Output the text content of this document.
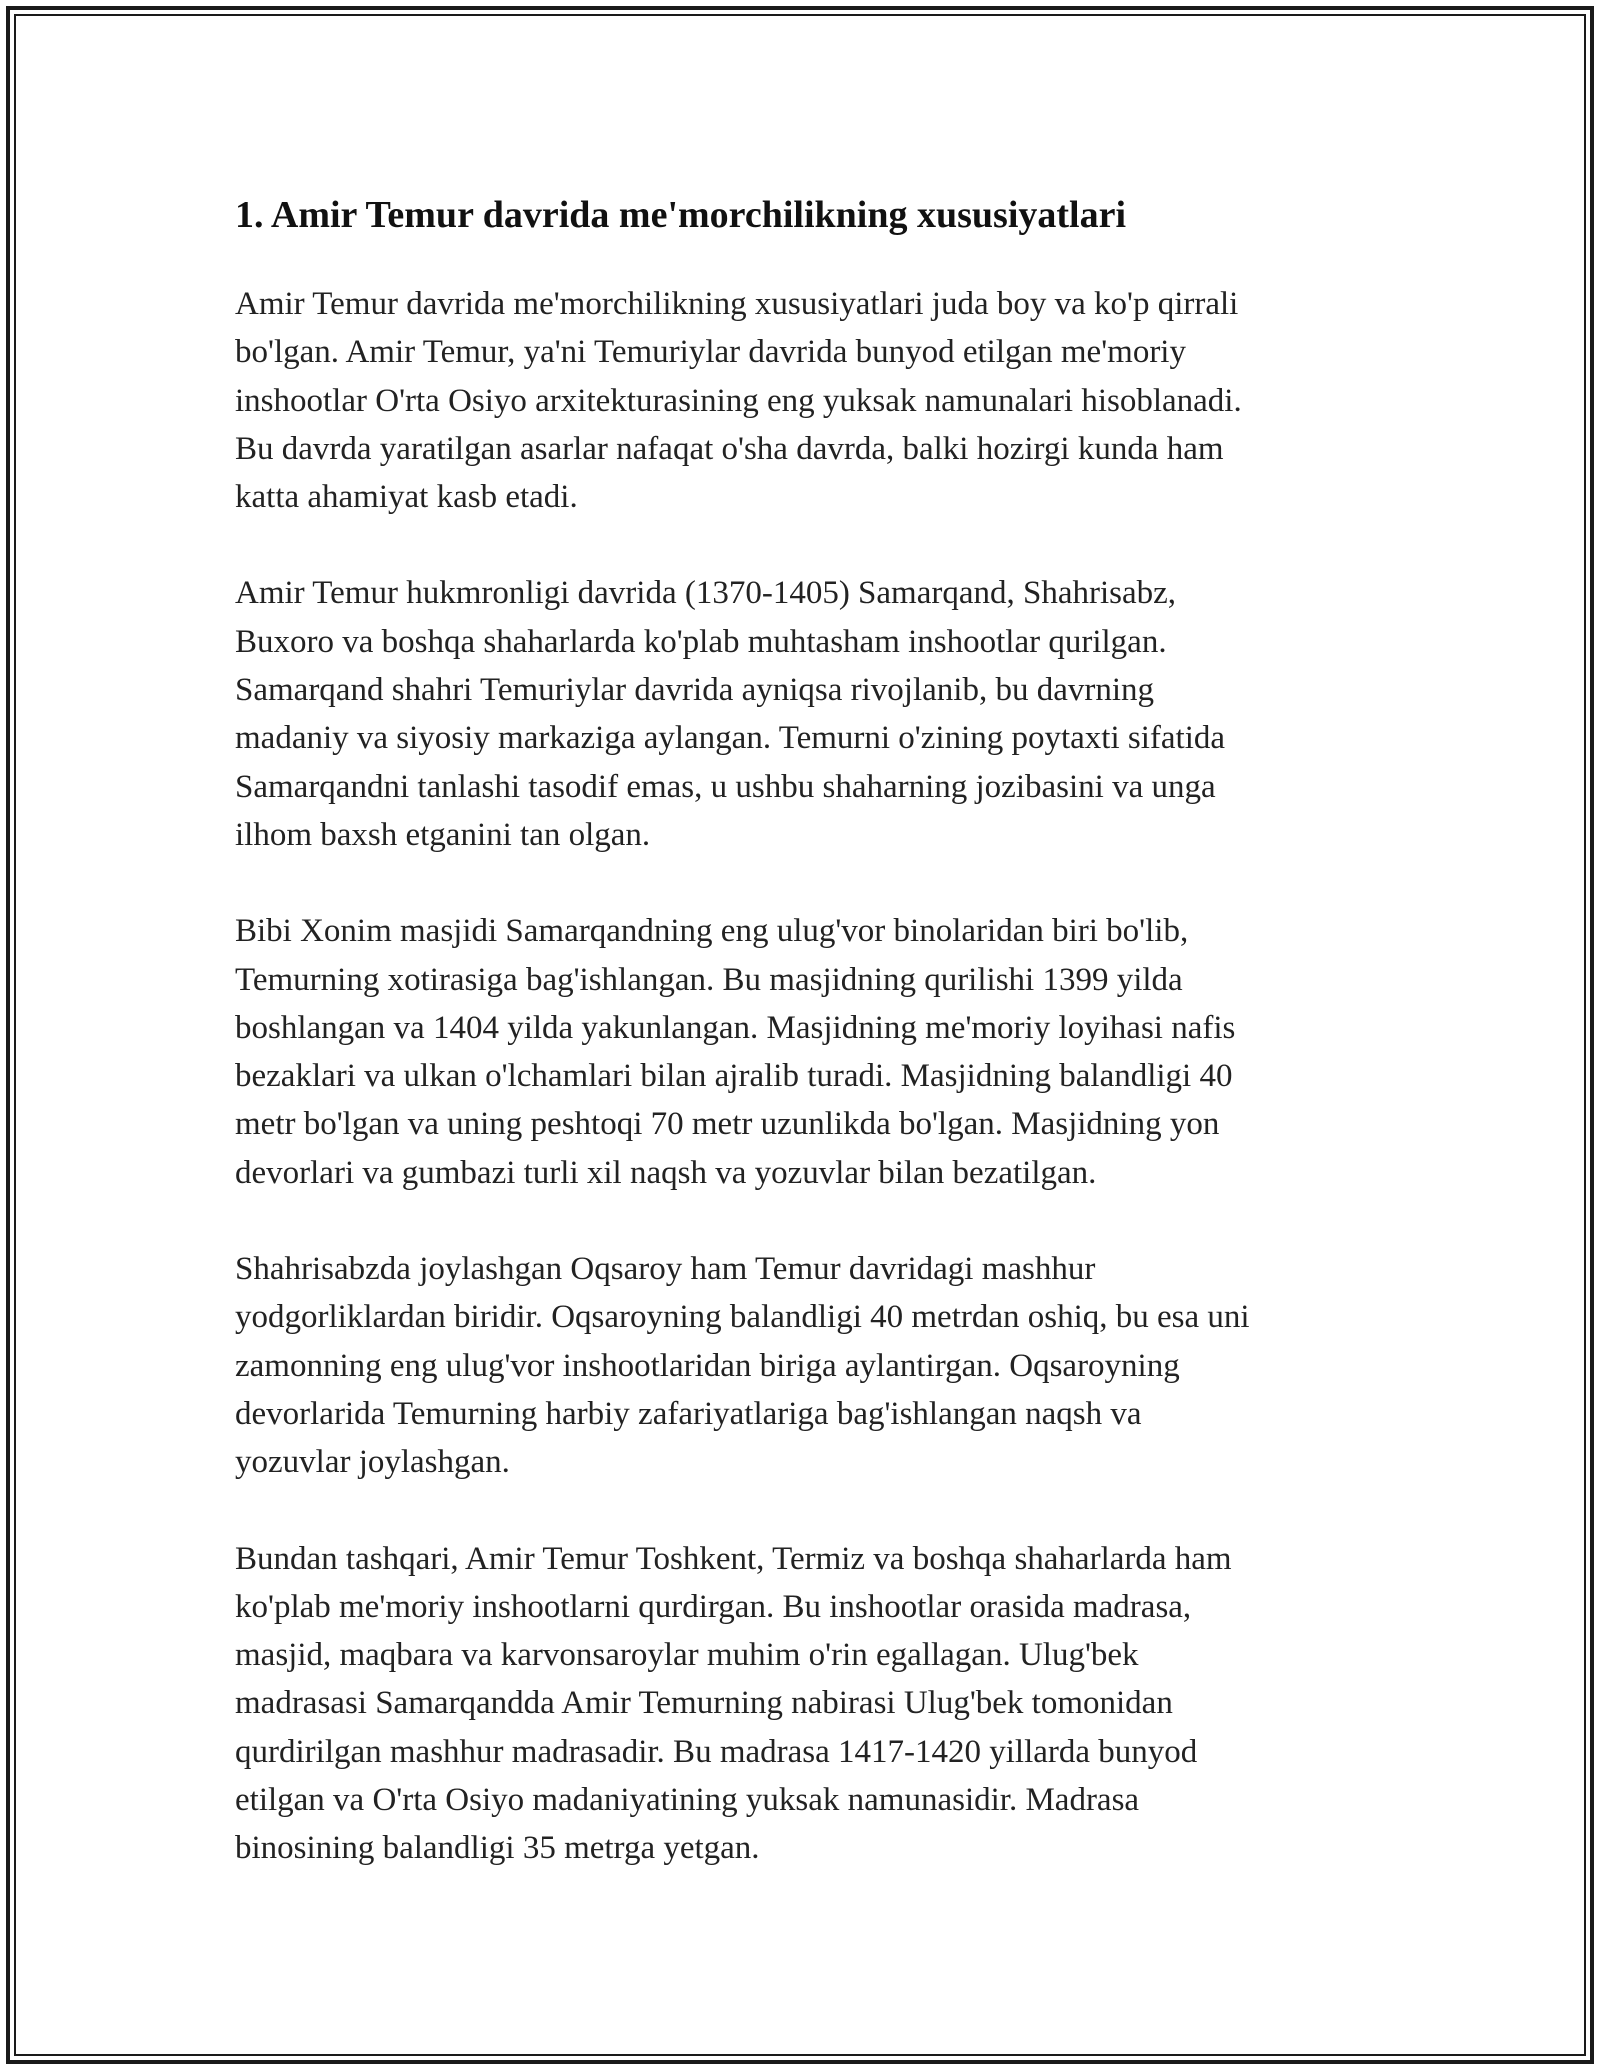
1. Amir Temur davrida me'morchilikning xususiyatlari

Amir Temur davrida me'morchilikning xususiyatlari juda boy va ko'p qirrali
bo'lgan. Amir Temur, ya'ni Temuriylar davrida bunyod etilgan me'moriy
inshootlar O'rta Osiyo arxitekturasining eng yuksak namunalari hisoblanadi.
Bu davrda yaratilgan asarlar nafaqat o'sha davrda, balki hozirgi kunda ham
katta ahamiyat kasb etadi.

Amir Temur hukmronligi davrida (1370-1405) Samarqand, Shahrisabz,
Buxoro va boshqa shaharlarda ko'plab muhtasham inshootlar qurilgan.
Samarqand shahri Temuriylar davrida ayniqsa rivojlanib, bu davrning
madaniy va siyosiy markaziga aylangan. Temurni o'zining poytaxti sifatida
Samarqandni tanlashi tasodif emas, u ushbu shaharning jozibasini va unga
ilhom baxsh etganini tan olgan.

Bibi Xonim masjidi Samarqandning eng ulug'vor binolaridan biri bo'lib,
Temurning xotirasiga bag'ishlangan. Bu masjidning qurilishi 1399 yilda
boshlangan va 1404 yilda yakunlangan. Masjidning me'moriy loyihasi nafis
bezaklari va ulkan o'lchamlari bilan ajralib turadi. Masjidning balandligi 40
metr bo'lgan va uning peshtoqi 70 metr uzunlikda bo'lgan. Masjidning yon
devorlari va gumbazi turli xil naqsh va yozuvlar bilan bezatilgan.

Shahrisabzda joylashgan Oqsaroy ham Temur davridagi mashhur
yodgorliklardan biridir. Oqsaroyning balandligi 40 metrdan oshiq, bu esa uni
zamonning eng ulug'vor inshootlaridan biriga aylantirgan. Oqsaroyning
devorlarida Temurning harbiy zafariyatlariga bag'ishlangan naqsh va
yozuvlar joylashgan.

Bundan tashqari, Amir Temur Toshkent, Termiz va boshqa shaharlarda ham
ko'plab me'moriy inshootlarni qurdirgan. Bu inshootlar orasida madrasa,
masjid, maqbara va karvonsaroylar muhim o'rin egallagan. Ulug'bek
madrasasi Samarqandda Amir Temurning nabirasi Ulug'bek tomonidan
qurdirilgan mashhur madrasadir. Bu madrasa 1417-1420 yillarda bunyod
etilgan va O'rta Osiyo madaniyatining yuksak namunasidir. Madrasa
binosining balandligi 35 metrga yetgan.
